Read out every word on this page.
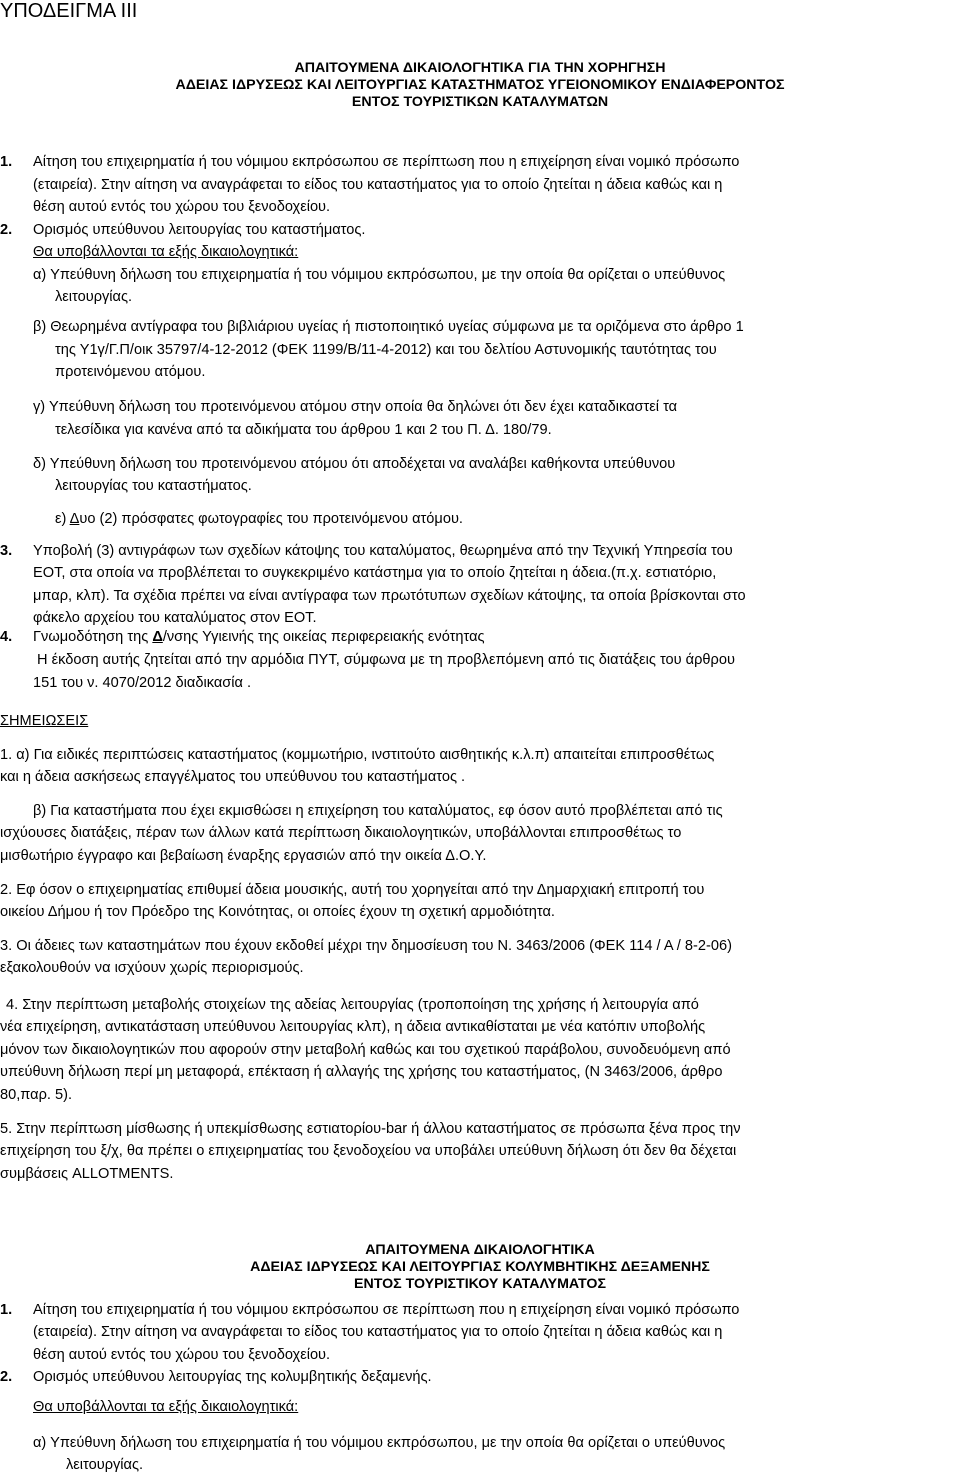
ΥΠΟΔΕΙΓΜΑ ΙΙΙ
ΑΠΑΙΤΟΥΜΕΝΑ ΔΙΚΑΙΟΛΟΓΗΤΙΚΑ ΓΙΑ ΤΗΝ ΧΟΡΗΓΗΣΗ
ΑΔΕΙΑΣ ΙΔΡΥΣΕΩΣ ΚΑΙ ΛΕΙΤΟΥΡΓΙΑΣ ΚΑΤΑΣΤΗΜΑΤΟΣ ΥΓΕΙΟΝΟΜΙΚΟΥ ΕΝΔΙΑΦΕΡΟΝΤΟΣ
ΕΝΤΟΣ ΤΟΥΡΙΣΤΙΚΩΝ ΚΑΤΑΛΥΜΑΤΩΝ
1. Αίτηση του επιχειρηματία ή του νόμιμου εκπρόσωπου σε περίπτωση που η επιχείρηση είναι νομικό πρόσωπο
(εταιρεία). Στην αίτηση να αναγράφεται το είδος του καταστήματος για το οποίο ζητείται η άδεια καθώς και η
θέση αυτού εντός του χώρου του ξενοδοχείου.
2. Ορισμός υπεύθυνου λειτουργίας του καταστήματος.
Θα υποβάλλονται τα εξής δικαιολογητικά:
α) Υπεύθυνη δήλωση του επιχειρηματία ή του νόμιμου εκπρόσωπου, με την οποία θα ορίζεται ο υπεύθυνος
λειτουργίας.
β) Θεωρημένα αντίγραφα του βιβλιάριου υγείας ή πιστοποιητικό υγείας σύμφωνα με τα οριζόμενα στο άρθρο 1
της Υ1γ/Γ.Π/οικ 35797/4-12-2012 (ΦΕΚ 1199/Β/11-4-2012) και του δελτίου Αστυνομικής ταυτότητας του
προτεινόμενου ατόμου.
γ) Υπεύθυνη δήλωση του προτεινόμενου ατόμου στην οποία θα δηλώνει ότι δεν έχει καταδικαστεί τα
τελεσίδικα για κανένα από τα αδικήματα του άρθρου 1 και 2 του Π. Δ. 180/79.
δ) Υπεύθυνη δήλωση του προτεινόμενου ατόμου ότι αποδέχεται να αναλάβει καθήκοντα υπεύθυνου
λειτουργίας του καταστήματος.
ε) Δυο (2) πρόσφατες φωτογραφίες του προτεινόμενου ατόμου.
3. Υποβολή (3) αντιγράφων των σχεδίων κάτοψης του καταλύματος, θεωρημένα από την Τεχνική Υπηρεσία του
ΕΟΤ, στα οποία να προβλέπεται το συγκεκριμένο κατάστημα για το οποίο ζητείται η άδεια.(π.χ. εστιατόριο,
μπαρ, κλπ). Τα σχέδια πρέπει να είναι αντίγραφα των πρωτότυπων σχεδίων κάτοψης, τα οποία βρίσκονται στο
φάκελο αρχείου του καταλύματος στον ΕΟΤ.
4. Γνωμοδότηση της Δ/νσης Υγιεινής της οικείας περιφερειακής ενότητας
Η έκδοση αυτής ζητείται από την αρμόδια ΠΥΤ, σύμφωνα με τη προβλεπόμενη από τις διατάξεις του άρθρου
151 του ν. 4070/2012 διαδικασία .
ΣΗΜΕΙΩΣΕΙΣ
1. α) Για ειδικές περιπτώσεις καταστήματος (κομμωτήριο, ινστιτούτο αισθητικής κ.λ.π) απαιτείται επιπροσθέτως
και η άδεια ασκήσεως επαγγέλματος του υπεύθυνου του καταστήματος .
β) Για καταστήματα που έχει εκμισθώσει η επιχείρηση του καταλύματος, εφ όσον αυτό προβλέπεται από τις
ισχύουσες διατάξεις, πέραν των άλλων κατά περίπτωση δικαιολογητικών, υποβάλλονται επιπροσθέτως το
μισθωτήριο έγγραφο και βεβαίωση έναρξης εργασιών από την οικεία Δ.Ο.Υ.
2. Εφ όσον ο επιχειρηματίας επιθυμεί άδεια μουσικής, αυτή του χορηγείται από την Δημαρχιακή επιτροπή του
οικείου Δήμου ή τον Πρόεδρο της Κοινότητας, οι οποίες έχουν τη σχετική αρμοδιότητα.
3. Οι άδειες των καταστημάτων που έχουν εκδοθεί μέχρι την δημοσίευση του Ν. 3463/2006 (ΦΕΚ 114 / Α / 8-2-06)
εξακολουθούν να ισχύουν χωρίς περιορισμούς.
4. Στην περίπτωση μεταβολής στοιχείων της αδείας λειτουργίας (τροποποίηση της χρήσης ή λειτουργία από
νέα επιχείρηση, αντικατάσταση υπεύθυνου λειτουργίας κλπ), η άδεια αντικαθίσταται με νέα κατόπιν υποβολής
μόνον των δικαιολογητικών που αφορούν στην μεταβολή καθώς και του σχετικού παράβολου, συνοδευόμενη από
υπεύθυνη δήλωση περί μη μεταφορά, επέκταση ή αλλαγής της χρήσης του καταστήματος, (Ν 3463/2006, άρθρο
80,παρ. 5).
5. Στην περίπτωση μίσθωσης ή υπεκμίσθωσης εστιατορίου-bar ή άλλου καταστήματος σε πρόσωπα ξένα προς την
επιχείρηση του ξ/χ, θα πρέπει ο επιχειρηματίας του ξενοδοχείου να υποβάλει υπεύθυνη δήλωση ότι δεν θα δέχεται
συμβάσεις ALLOTMENTS.
ΑΠΑΙΤΟΥΜΕΝΑ ΔΙΚΑΙΟΛΟΓΗΤΙΚΑ
ΑΔΕΙΑΣ ΙΔΡΥΣΕΩΣ ΚΑΙ ΛΕΙΤΟΥΡΓΙΑΣ ΚΟΛΥΜΒΗΤΙΚΗΣ ΔΕΞΑΜΕΝΗΣ
ΕΝΤΟΣ ΤΟΥΡΙΣΤΙΚΟΥ ΚΑΤΑΛΥΜΑΤΟΣ
1. Αίτηση του επιχειρηματία ή του νόμιμου εκπρόσωπου σε περίπτωση που η επιχείρηση είναι νομικό πρόσωπο
(εταιρεία). Στην αίτηση να αναγράφεται το είδος του καταστήματος για το οποίο ζητείται η άδεια καθώς και η
θέση αυτού εντός του χώρου του ξενοδοχείου.
2. Ορισμός υπεύθυνου λειτουργίας της κολυμβητικής δεξαμενής.
Θα υποβάλλονται τα εξής δικαιολογητικά:
α) Υπεύθυνη δήλωση του επιχειρηματία ή του νόμιμου εκπρόσωπου, με την οποία θα ορίζεται ο υπεύθυνος
λειτουργίας.
